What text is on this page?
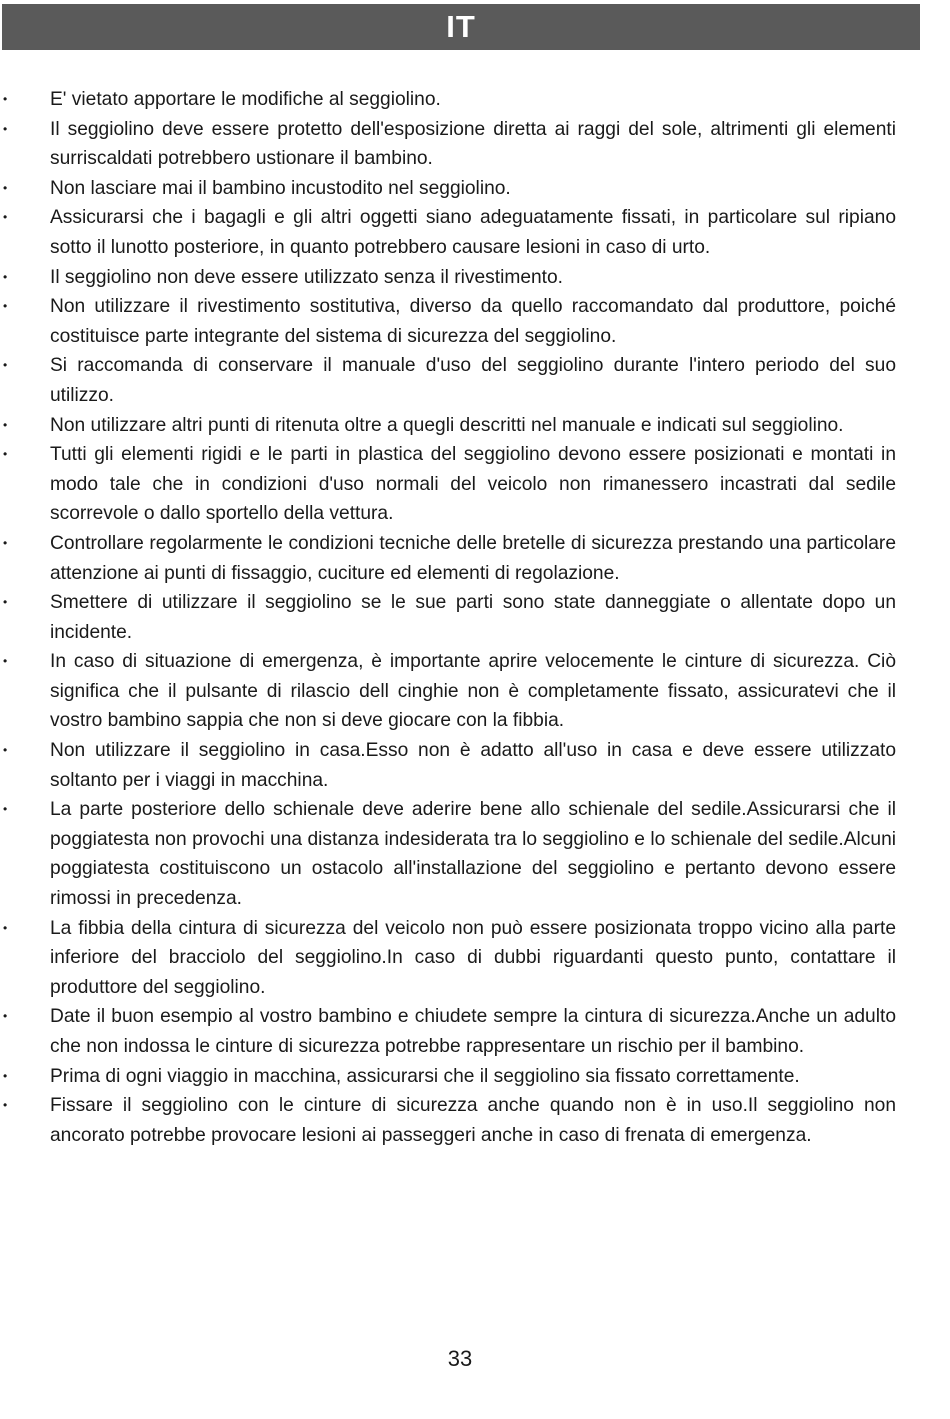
IT
• E' vietato apportare le modifiche al seggiolino.
• Il seggiolino deve essere protetto dell'esposizione diretta ai raggi del sole, altrimenti gli elementi surriscaldati potrebbero ustionare il bambino.
• Non lasciare mai il bambino incustodito nel seggiolino.
• Assicurarsi che i bagagli e gli altri oggetti siano adeguatamente fissati, in particolare sul ripiano sotto il lunotto posteriore, in quanto potrebbero causare lesioni in caso di urto.
• Il seggiolino non deve essere utilizzato senza il rivestimento.
• Non utilizzare il rivestimento sostitutiva, diverso da quello raccomandato dal produttore, poiché costituisce parte integrante del sistema di sicurezza del seggiolino.
• Si raccomanda di conservare il manuale d'uso del seggiolino durante l'intero periodo del suo utilizzo.
• Non utilizzare altri punti di ritenuta oltre a quegli descritti nel manuale e indicati sul seggiolino.
• Tutti gli elementi rigidi e le parti in plastica del seggiolino devono essere posizionati e montati in modo tale che in condizioni d'uso normali del veicolo non rimanessero incastrati dal sedile scorrevole o dallo sportello della vettura.
• Controllare regolarmente le condizioni tecniche delle bretelle di sicurezza prestando una particolare attenzione ai punti di fissaggio, cuciture ed elementi di regolazione.
• Smettere di utilizzare il seggiolino se le sue parti sono state danneggiate o allentate dopo un incidente.
• In caso di situazione di emergenza, è importante aprire velocemente le cinture di sicurezza. Ciò significa che il pulsante di rilascio dell cinghie non è completamente fissato, assicuratevi che il vostro bambino sappia che non si deve giocare con la fibbia.
• Non utilizzare il seggiolino in casa.Esso non è adatto all'uso in casa e deve essere utilizzato soltanto per i viaggi in macchina.
• La parte posteriore dello schienale deve aderire bene allo schienale del sedile.Assicurarsi che il poggiatesta non provochi una distanza indesiderata tra lo seggiolino e lo schienale del sedile.Alcuni poggiatesta costituiscono un ostacolo all'installazione del seggiolino e pertanto devono essere rimossi in precedenza.
• La fibbia della cintura di sicurezza del veicolo non può essere posizionata troppo vicino alla parte inferiore del bracciolo del seggiolino.In caso di dubbi riguardanti questo punto, contattare il produttore del seggiolino.
• Date il buon esempio al vostro bambino e chiudete sempre la cintura di sicurezza.Anche un adulto che non indossa le cinture di sicurezza potrebbe rappresentare un rischio per il bambino.
• Prima di ogni viaggio in macchina, assicurarsi che il seggiolino sia fissato correttamente.
• Fissare il seggiolino con le cinture di sicurezza anche quando non è in uso.Il seggiolino non ancorato potrebbe provocare lesioni ai passeggeri anche in caso di frenata di emergenza.
33
